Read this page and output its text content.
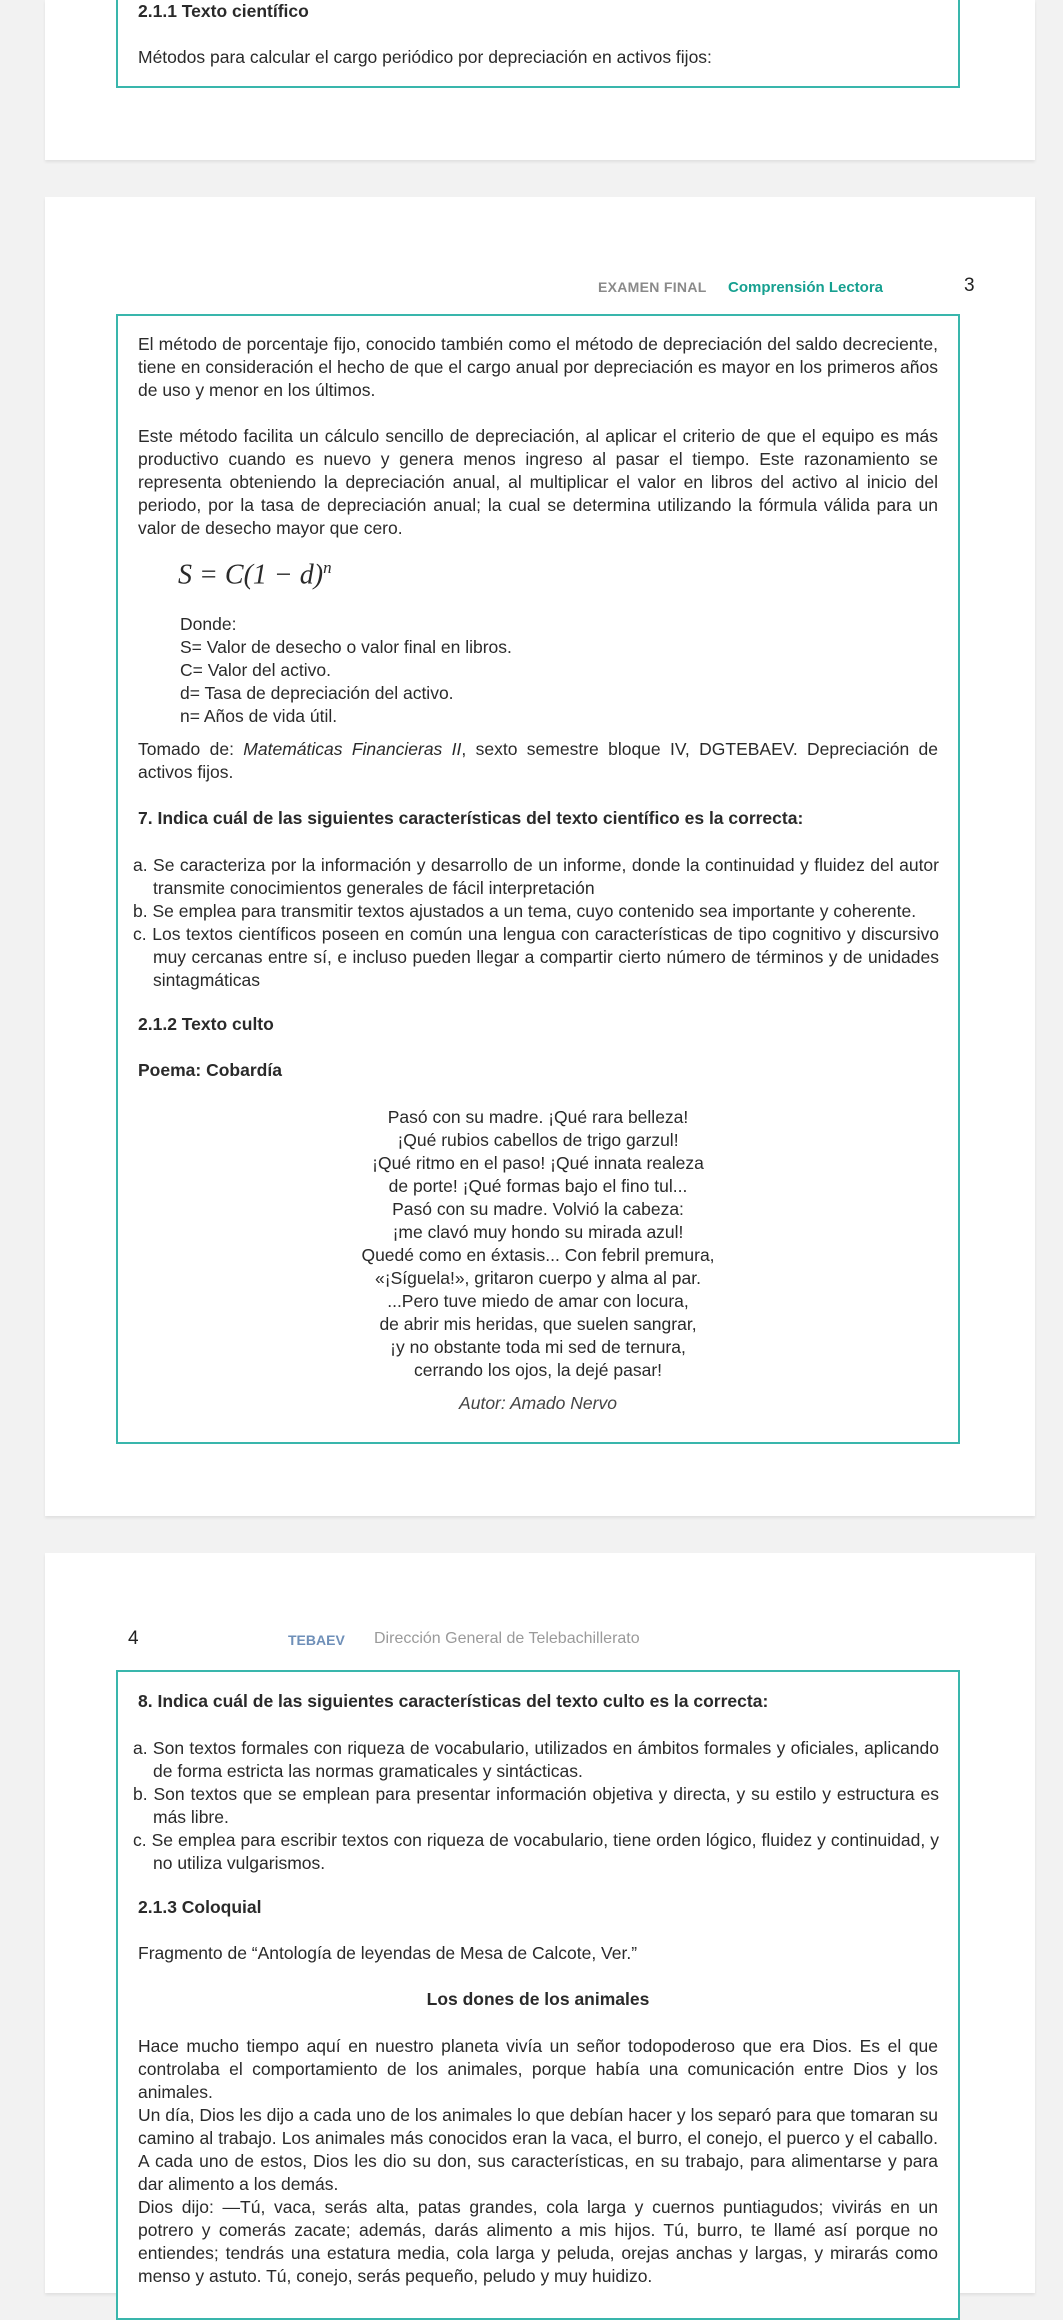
2.1.1 Texto científico
Métodos para calcular el cargo periódico por depreciación en activos fijos:
EXAMEN FINAL Comprensión Lectora	3
El método de porcentaje fijo, conocido también como el método de depreciación del saldo decreciente, tiene en consideración el hecho de que el cargo anual por depreciación es mayor en los primeros años de uso y menor en los últimos.
Este método facilita un cálculo sencillo de depreciación, al aplicar el criterio de que el equipo es más productivo cuando es nuevo y genera menos ingreso al pasar el tiempo. Este razonamiento se representa obteniendo la depreciación anual, al multiplicar el valor en libros del activo al inicio del periodo, por la tasa de depreciación anual; la cual se determina utilizando la fórmula válida para un valor de desecho mayor que cero.
$S = C(1 - d)^n$
Donde:
S= Valor de desecho o valor final en libros.
C= Valor del activo.
d= Tasa de depreciación del activo.
n= Años de vida útil.
Tomado de: Matemáticas Financieras II, sexto semestre bloque IV, DGTEBAEV. Depreciación de activos fijos.
7. Indica cuál de las siguientes características del texto científico es la correcta:

a. Se caracteriza por la información y desarrollo de un informe, donde la continuidad y fluidez del autor transmite conocimientos generales de fácil interpretación

b. Se emplea para transmitir textos ajustados a un tema, cuyo contenido sea importante y coherente.

c. Los textos científicos poseen en común una lengua con características de tipo cognitivo y discursivo muy cercanas entre sí, e incluso pueden llegar a compartir cierto número de términos y de unidades sintagmáticas

2.1.2 Texto culto
Poema: Cobardía
Pasó con su madre. ¡Qué rara belleza!
¡Qué rubios cabellos de trigo garzul!
¡Qué ritmo en el paso! ¡Qué innata realeza
de porte! ¡Qué formas bajo el fino tul...
Pasó con su madre. Volvió la cabeza:
¡me clavó muy hondo su mirada azul!
Quedé como en éxtasis... Con febril premura,
«¡Síguela!», gritaron cuerpo y alma al par.
...Pero tuve miedo de amar con locura,
de abrir mis heridas, que suelen sangrar,
¡y no obstante toda mi sed de ternura,
cerrando los ojos, la dejé pasar!
Autor: Amado Nervo
4	TEBAEV Dirección General de Telebachillerato
8. Indica cuál de las siguientes características del texto culto es la correcta:

a. Son textos formales con riqueza de vocabulario, utilizados en ámbitos formales y oficiales, aplicando de forma estricta las normas gramaticales y sintácticas.

b. Son textos que se emplean para presentar información objetiva y directa, y su estilo y estructura es más libre.

c. Se emplea para escribir textos con riqueza de vocabulario, tiene orden lógico, fluidez y continuidad, y no utiliza vulgarismos.

2.1.3 Coloquial
Fragmento de “Antología de leyendas de Mesa de Calcote, Ver.”
Los dones de los animales

Hace mucho tiempo aquí en nuestro planeta vivía un señor todopoderoso que era Dios. Es el que controlaba el comportamiento de los animales, porque había una comunicación entre Dios y los animales.

Un día, Dios les dijo a cada uno de los animales lo que debían hacer y los separó para que tomaran su camino al trabajo. Los animales más conocidos eran la vaca, el burro, el conejo, el puerco y el caballo. A cada uno de estos, Dios les dio su don, sus características, en su trabajo, para alimentarse y para dar alimento a los demás.

Dios dijo: —Tú, vaca, serás alta, patas grandes, cola larga y cuernos puntiagudos; vivirás en un potrero y comerás zacate; además, darás alimento a mis hijos. Tú, burro, te llamé así porque no entiendes; tendrás una estatura media, cola larga y peluda, orejas anchas y largas, y mirarás como menso y astuto. Tú, conejo, serás pequeño, peludo y muy huidizo.
